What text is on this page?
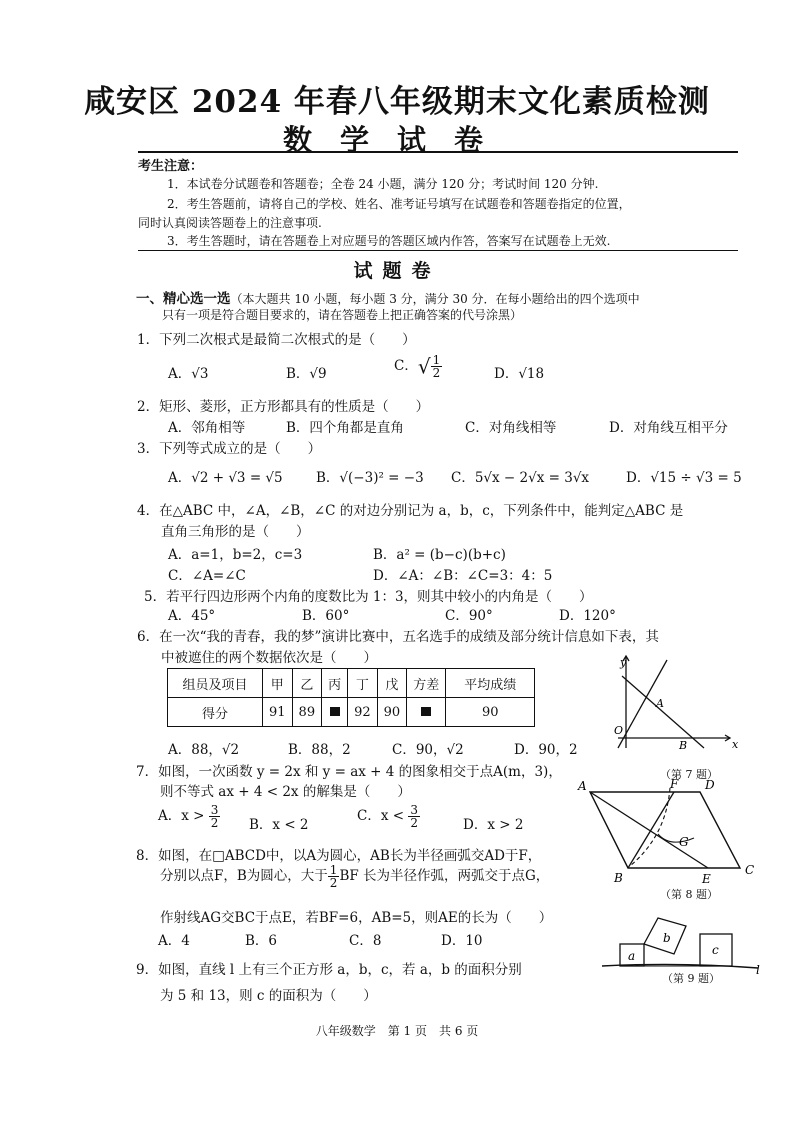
咸安区 2024 年春八年级期末文化素质检测
数学试卷
考生注意：
1．本试卷分试题卷和答题卷；全卷 24 小题，满分 120 分；考试时间 120 分钟.
2．考生答题前，请将自己的学校、姓名、准考证号填写在试题卷和答题卷指定的位置，
同时认真阅读答题卷上的注意事项.
3．考生答题时，请在答题卷上对应题号的答题区域内作答，答案写在试题卷上无效.
试题卷
一、精心选一选（本大题共 10 小题，每小题 3 分，满分 30 分．在每小题给出的四个选项中
只有一项是符合题目要求的，请在答题卷上把正确答案的代号涂黑）
1．下列二次根式是最简二次根式的是（　　）
A．√3	B．√9	C．√ $\frac{1}{2}$	D．√18
2．矩形、菱形，正方形都具有的性质是（　　）
A．邻角相等	B．四个角都是直角	C．对角线相等	D．对角线互相平分
3．下列等式成立的是（　　）
A．√2 + √3 = √5 B．√(−3)² = −3 C．5√x − 2√x = 3√x	D．√15 ÷ √3 = 5
4．在△ABC 中，∠A，∠B，∠C 的对边分别记为 a，b，c，下列条件中，能判定△ABC 是
直角三角形的是（　　）
A．a=1，b=2，c=3	B．a² = (b−c)(b+c)
C．∠A=∠C	D．∠A：∠B：∠C=3：4：5
5．若平行四边形两个内角的度数比为 1：3，则其中较小的内角是（　　）
A．45°	B．60°	C．90°	D．120°
6．在一次“我的青春，我的梦”演讲比赛中，五名选手的成绩及部分统计信息如下表，其
中被遮住的两个数据依次是（　　）
组员及项目	甲	乙	丙	丁	戊	方差	平均成绩
得分	91	89		92	90		90
A．88，√2	B．88，2	C．90，√2	D．90，2
7．如图，一次函数 y = 2x 和 y = ax + 4 的图象相交于点A(m，3)，
则不等式 ax + 4 < 2x 的解集是（　　）
A．$x > \frac{3}{2}$ B．x < 2
C．$x < \frac{3}{2}$	D．x > 2
8．如图，在□ABCD中，以A为圆心，AB长为半径画弧交AD于F，
分别以点F，B为圆心，大于 $\frac{1}{2}$ BF 长为半径作弧，两弧交于点G，
作射线AG交BC于点E，若BF=6，AB=5，则AE的长为（　　）
A．4	B．6	C．8	D．10
9．如图，直线 l 上有三个正方形 a，b，c，若 a，b 的面积分别
为 5 和 13，则 c 的面积为（　　）
y
x
O
A
B
（第 7 题）
A	F D
G
B	E
C
（第 8 题）
a
b
c
l
（第 9 题）
八年级数学　第 1 页　共 6 页
